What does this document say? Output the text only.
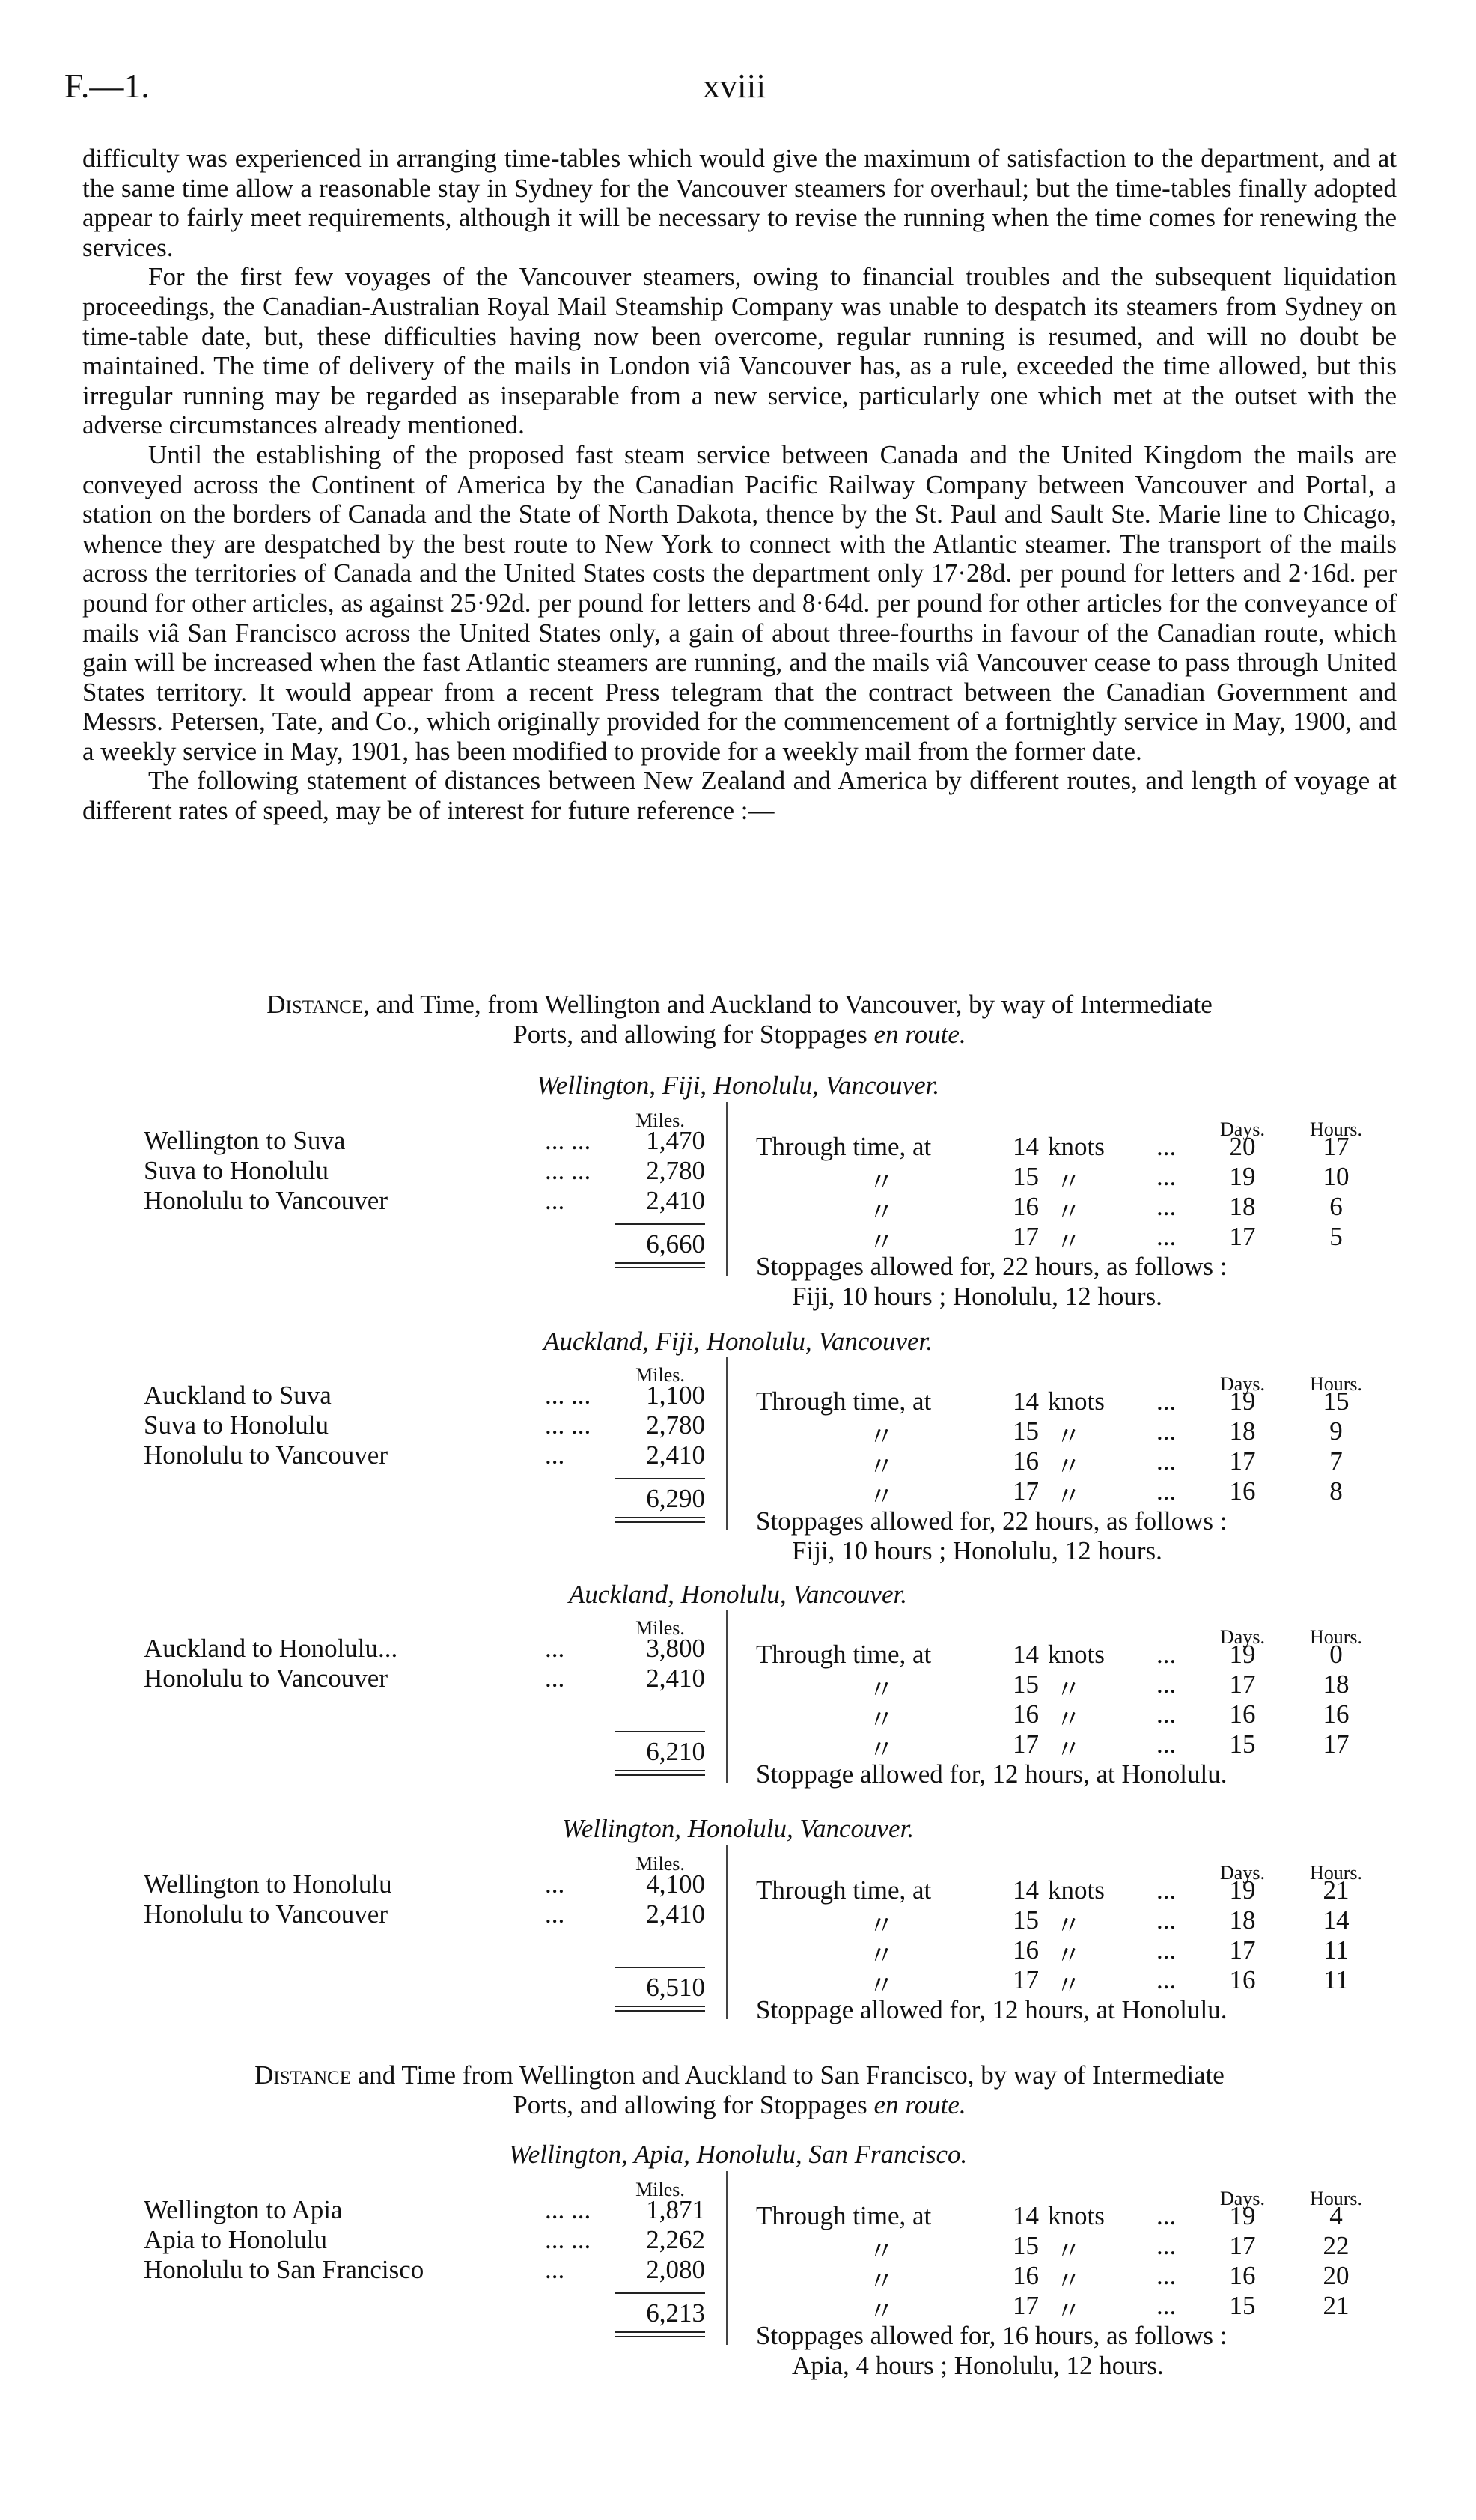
F.—1.	xviii

difficulty was experienced in arranging time-tables which would give the maximum of satisfaction to the department, and at the same time allow a reasonable stay in Sydney for the Vancouver steamers for overhaul; but the time-tables finally adopted appear to fairly meet requirements, although it will be necessary to revise the running when the time comes for renewing the services.

For the first few voyages of the Vancouver steamers, owing to financial troubles and the subsequent liquidation proceedings, the Canadian-Australian Royal Mail Steamship Company was unable to despatch its steamers from Sydney on time-table date, but, these difficulties having now been overcome, regular running is resumed, and will no doubt be maintained. The time of delivery of the mails in London viâ Vancouver has, as a rule, exceeded the time allowed, but this irregular running may be regarded as inseparable from a new service, particularly one which met at the outset with the adverse circumstances already mentioned.

Until the establishing of the proposed fast steam service between Canada and the United Kingdom the mails are conveyed across the Continent of America by the Canadian Pacific Railway Company between Vancouver and Portal, a station on the borders of Canada and the State of North Dakota, thence by the St. Paul and Sault Ste. Marie line to Chicago, whence they are despatched by the best route to New York to connect with the Atlantic steamer. The transport of the mails across the territories of Canada and the United States costs the department only 17·28d. per pound for letters and 2·16d. per pound for other articles, as against 25·92d. per pound for letters and 8·64d. per pound for other articles for the conveyance of mails viâ San Francisco across the United States only, a gain of about three-fourths in favour of the Canadian route, which gain will be increased when the fast Atlantic steamers are running, and the mails viâ Vancouver cease to pass through United States territory. It would appear from a recent Press telegram that the contract between the Canadian Government and Messrs. Petersen, Tate, and Co., which originally provided for the commencement of a fortnightly service in May, 1900, and a weekly service in May, 1901, has been modified to provide for a weekly mail from the former date.

The following statement of distances between New Zealand and America by different routes, and length of voyage at different rates of speed, may be of interest for future reference :—

Distance, and Time, from Wellington and Auckland to Vancouver, by way of Intermediate
Ports, and allowing for Stoppages en route.
Distance and Time from Wellington and Auckland to San Francisco, by way of Intermediate
Ports, and allowing for Stoppages en route.
Wellington, Fiji, Honolulu, Vancouver.
Miles.
Wellington to Suva	... ...	1,470
Suva to Honolulu	... ...	2,780
Honolulu to Vancouver	...	2,410
6,660
Days.	Hours.
Through time, at	14 knots ...	20	17
〃	15 〃	...	19	10
〃	16 〃	...	18	6
〃	17 〃	...	17	5
Stoppages allowed for, 22 hours, as follows :
Fiji, 10 hours ; Honolulu, 12 hours.
Auckland, Fiji, Honolulu, Vancouver.
Miles.
Auckland to Suva	... ...	1,100
Suva to Honolulu	... ...	2,780
Honolulu to Vancouver	...	2,410
6,290
Days.	Hours.
Through time, at	14 knots ...	19	15
〃	15 〃	...	18	9
〃	16 〃	...	17	7
〃	17 〃	...	16	8
Stoppages allowed for, 22 hours, as follows :
Fiji, 10 hours ; Honolulu, 12 hours.
Auckland, Honolulu, Vancouver.
Miles.
Auckland to Honolulu...	...	3,800
Honolulu to Vancouver	...	2,410
6,210
Days.	Hours.
Through time, at	14 knots ...	19	0
〃	15 〃	...	17	18
〃	16 〃	...	16	16
〃	17 〃	...	15	17
Stoppage allowed for, 12 hours, at Honolulu.
Wellington, Honolulu, Vancouver.
Miles.
Wellington to Honolulu	...	4,100
Honolulu to Vancouver	...	2,410
6,510
Days.	Hours.
Through time, at	14 knots ...	19	21
〃	15 〃	...	18	14
〃	16 〃	...	17	11
〃	17 〃	...	16	11
Stoppage allowed for, 12 hours, at Honolulu.
Wellington, Apia, Honolulu, San Francisco.
Miles.
Wellington to Apia	... ...	1,871
Apia to Honolulu	... ...	2,262
Honolulu to San Francisco	...	2,080
6,213
Days.	Hours.
Through time, at	14 knots ...	19	4
〃	15 〃	...	17	22
〃	16 〃	...	16	20
〃	17 〃	...	15	21
Stoppages allowed for, 16 hours, as follows :
Apia, 4 hours ; Honolulu, 12 hours.
